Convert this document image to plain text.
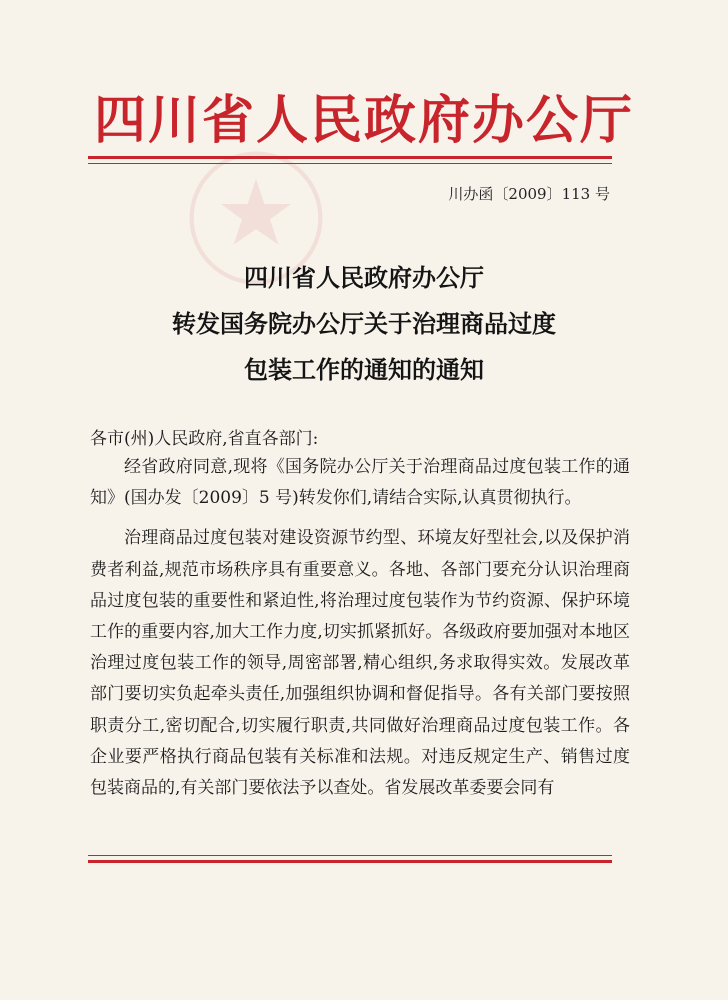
四川省人民政府办公厅
川办函〔2009〕113 号
四川省人民政府办公厅
转发国务院办公厅关于治理商品过度
包装工作的通知的通知
各市(州)人民政府,省直各部门:

经省政府同意,现将《国务院办公厅关于治理商品过度包装工作的通知》(国办发〔2009〕5 号)转发你们,请结合实际,认真贯彻执行。

治理商品过度包装对建设资源节约型、环境友好型社会,以及保护消费者利益,规范市场秩序具有重要意义。各地、各部门要充分认识治理商品过度包装的重要性和紧迫性,将治理过度包装作为节约资源、保护环境工作的重要内容,加大工作力度,切实抓紧抓好。各级政府要加强对本地区治理过度包装工作的领导,周密部署,精心组织,务求取得实效。发展改革部门要切实负起牵头责任,加强组织协调和督促指导。各有关部门要按照职责分工,密切配合,切实履行职责,共同做好治理商品过度包装工作。各企业要严格执行商品包装有关标准和法规。对违反规定生产、销售过度包装商品的,有关部门要依法予以查处。省发展改革委要会同有
